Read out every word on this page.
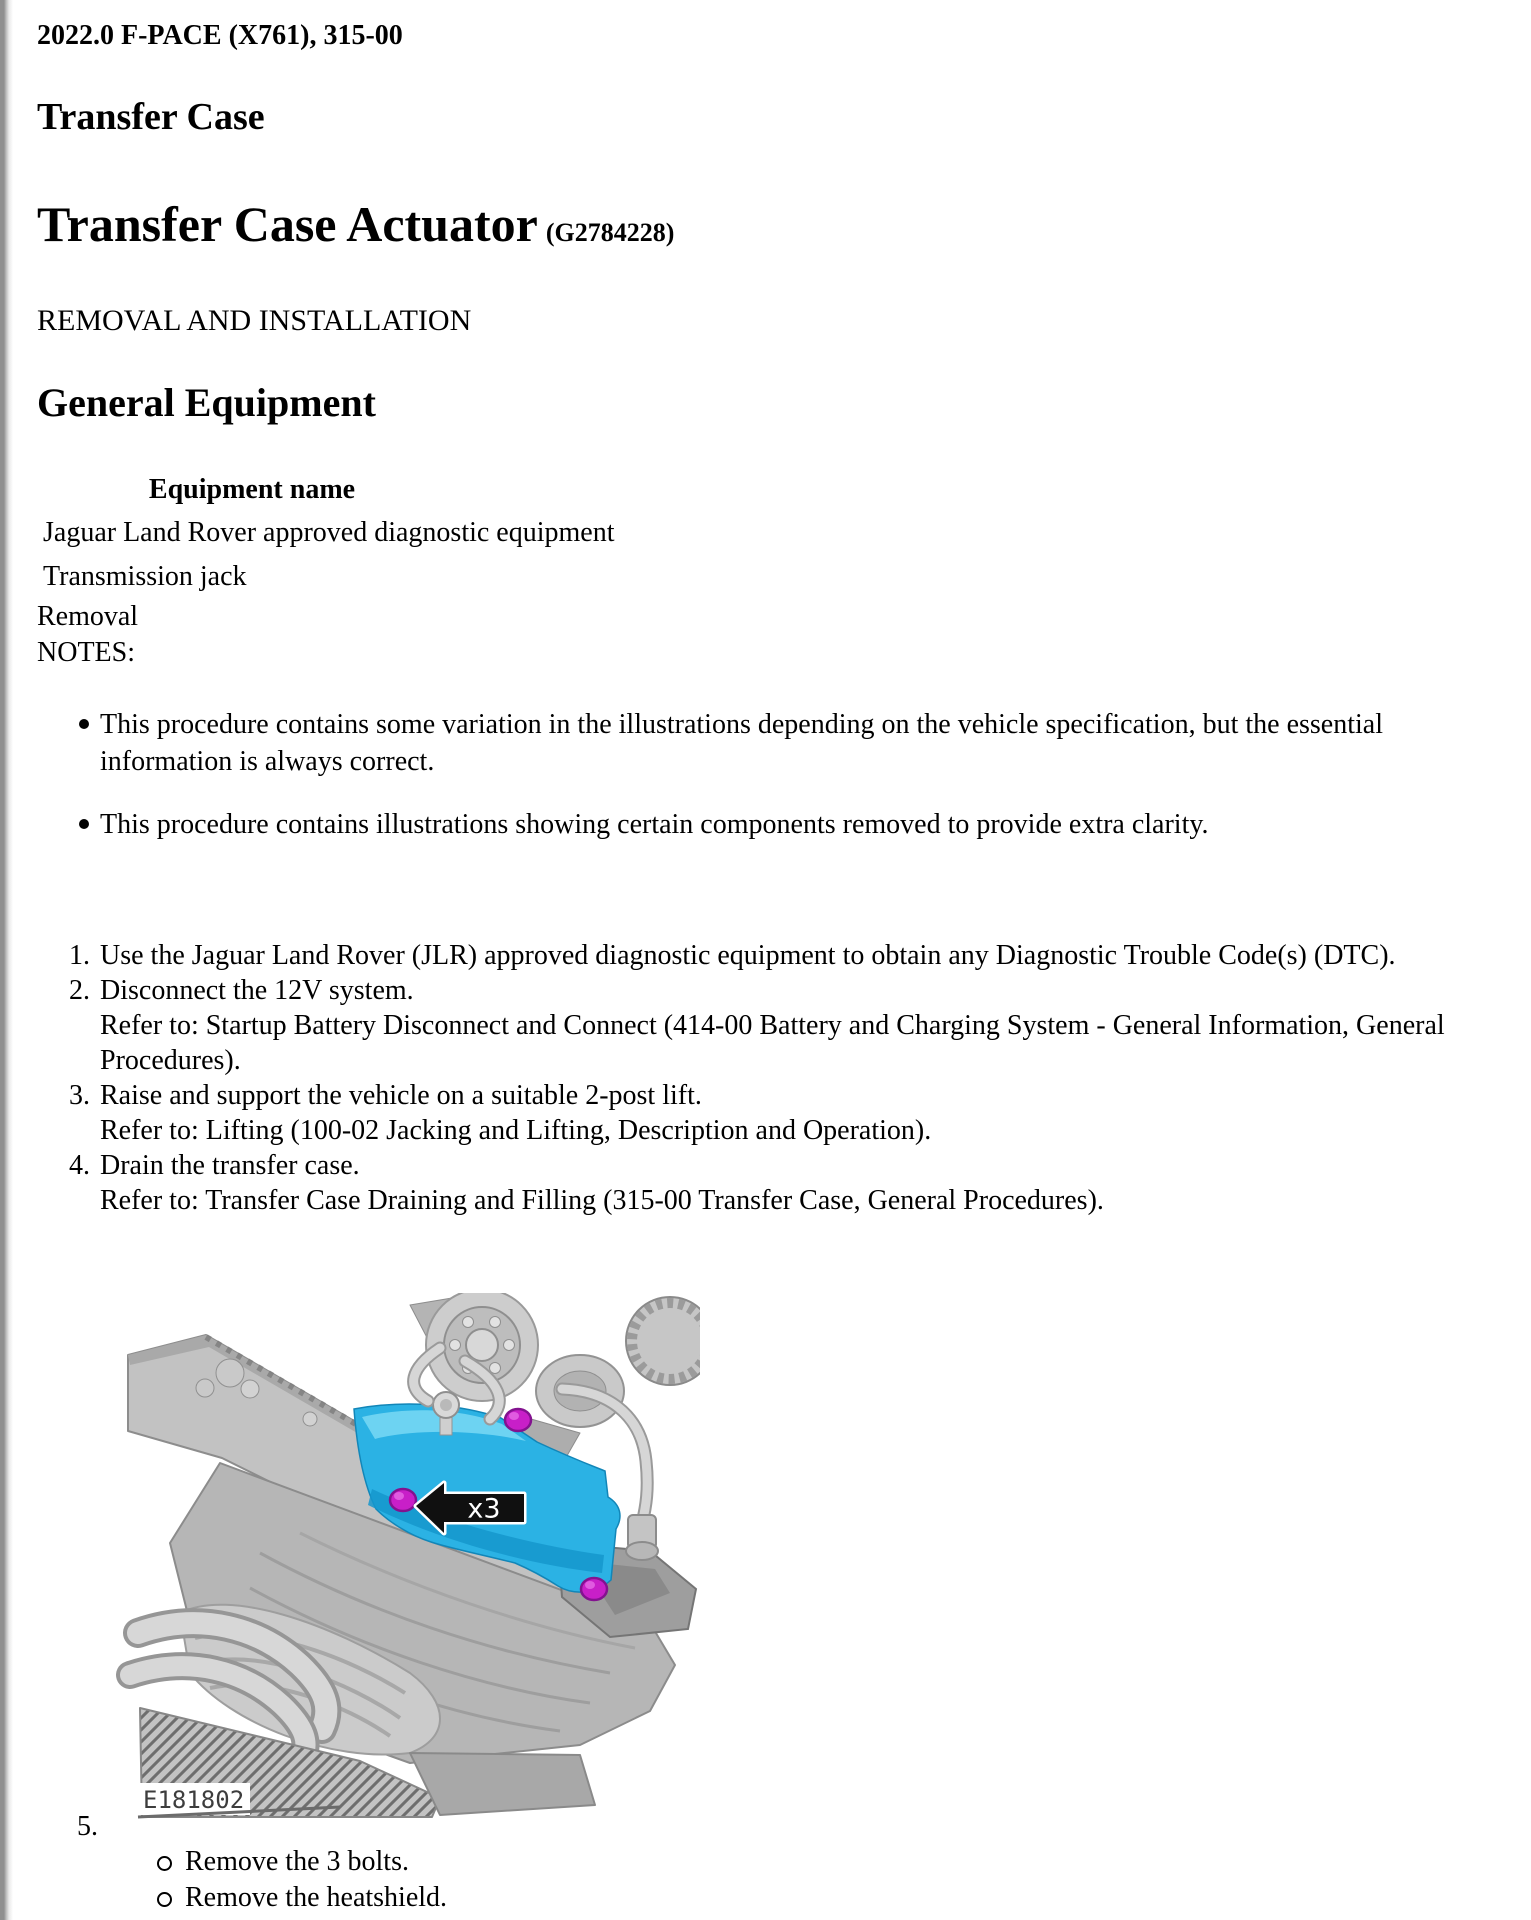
2022.0 F-PACE (X761), 315-00
Transfer Case
Transfer Case Actuator (G2784228)
REMOVAL AND INSTALLATION
General Equipment
Equipment name
Jaguar Land Rover approved diagnostic equipment
Transmission jack
Removal
NOTES:
This procedure contains some variation in the illustrations depending on the vehicle specification, but the essential information is always correct.
This procedure contains illustrations showing certain components removed to provide extra clarity.
1. Use the Jaguar Land Rover (JLR) approved diagnostic equipment to obtain any Diagnostic Trouble Code(s) (DTC).
2. Disconnect the 12V system.
Refer to: Startup Battery Disconnect and Connect (414-00 Battery and Charging System - General Information, General Procedures).
3. Raise and support the vehicle on a suitable 2-post lift.
Refer to: Lifting (100-02 Jacking and Lifting, Description and Operation).
4. Drain the transfer case.
Refer to: Transfer Case Draining and Filling (315-00 Transfer Case, General Procedures).
x3
E181802
5.
Remove the 3 bolts.
Remove the heatshield.
